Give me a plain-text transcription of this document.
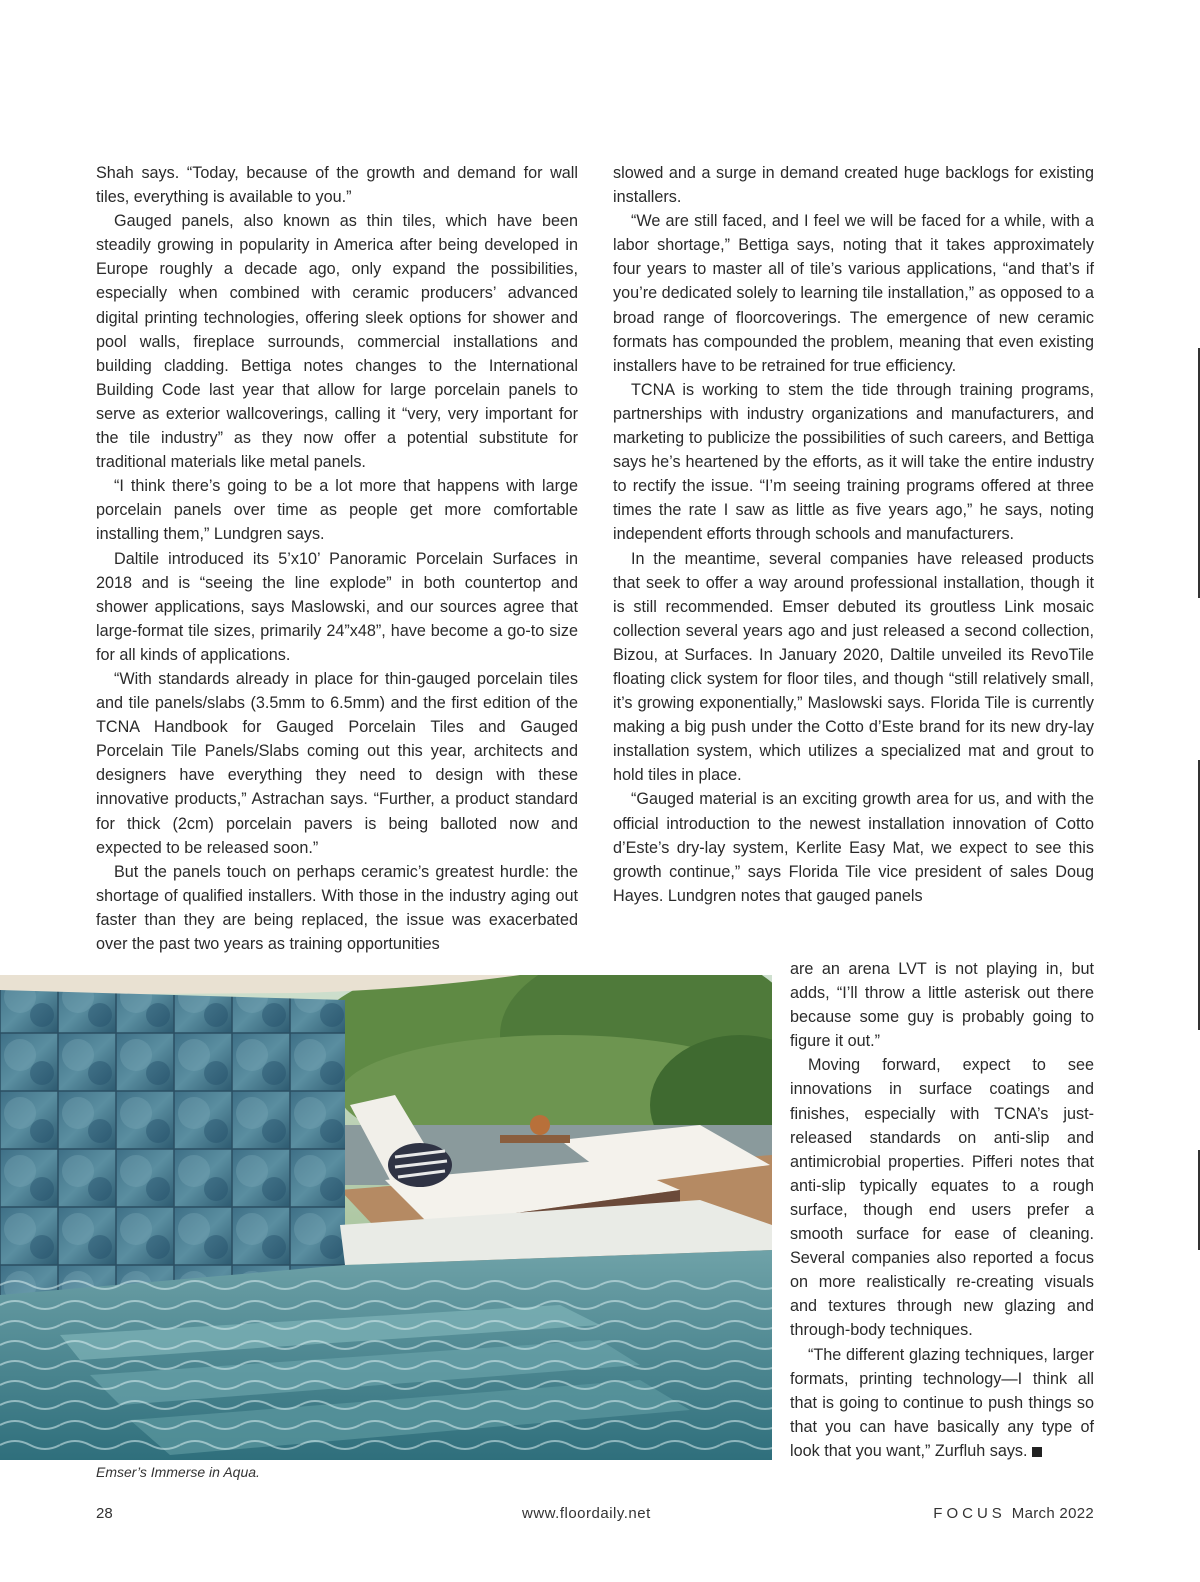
Shah says. “Today, because of the growth and demand for wall tiles, everything is available to you.”

Gauged panels, also known as thin tiles, which have been steadily growing in popularity in America after being developed in Europe roughly a decade ago, only expand the possibilities, especially when combined with ceramic producers’ advanced digital printing technologies, offering sleek options for shower and pool walls, fireplace surrounds, commercial installations and building cladding. Bettiga notes changes to the International Building Code last year that allow for large porcelain panels to serve as exterior wallcoverings, calling it “very, very important for the tile industry” as they now offer a potential substitute for traditional materials like metal panels.

“I think there’s going to be a lot more that happens with large porcelain panels over time as people get more comfortable installing them,” Lundgren says.

Daltile introduced its 5’x10’ Panoramic Porcelain Surfaces in 2018 and is “seeing the line explode” in both countertop and shower applications, says Maslowski, and our sources agree that large-format tile sizes, primarily 24”x48”, have become a go-to size for all kinds of applications.

“With standards already in place for thin-gauged porcelain tiles and tile panels/slabs (3.5mm to 6.5mm) and the first edition of the TCNA Handbook for Gauged Porcelain Tiles and Gauged Porcelain Tile Panels/Slabs coming out this year, architects and designers have everything they need to design with these innovative products,” Astrachan says. “Further, a product standard for thick (2cm) porcelain pavers is being balloted now and expected to be released soon.”

But the panels touch on perhaps ceramic’s greatest hurdle: the shortage of qualified installers. With those in the industry aging out faster than they are being replaced, the issue was exacerbated over the past two years as training opportunities

slowed and a surge in demand created huge backlogs for existing installers.

“We are still faced, and I feel we will be faced for a while, with a labor shortage,” Bettiga says, noting that it takes approximately four years to master all of tile’s various applications, “and that’s if you’re dedicated solely to learning tile installation,” as opposed to a broad range of floorcoverings. The emergence of new ceramic formats has compounded the problem, meaning that even existing installers have to be retrained for true efficiency.

TCNA is working to stem the tide through training programs, partnerships with industry organizations and manufacturers, and marketing to publicize the possibilities of such careers, and Bettiga says he’s heartened by the efforts, as it will take the entire industry to rectify the issue. “I’m seeing training programs offered at three times the rate I saw as little as five years ago,” he says, noting independent efforts through schools and manufacturers.

In the meantime, several companies have released products that seek to offer a way around professional installation, though it is still recommended. Emser debuted its groutless Link mosaic collection several years ago and just released a second collection, Bizou, at Surfaces. In January 2020, Daltile unveiled its RevoTile floating click system for floor tiles, and though “still relatively small, it’s growing exponentially,” Maslowski says. Florida Tile is currently making a big push under the Cotto d’Este brand for its new dry-lay installation system, which utilizes a specialized mat and grout to hold tiles in place.

“Gauged material is an exciting growth area for us, and with the official introduction to the newest installation innovation of Cotto d’Este’s dry-lay system, Kerlite Easy Mat, we expect to see this growth continue,” says Florida Tile vice president of sales Doug Hayes. Lundgren notes that gauged panels

are an arena LVT is not playing in, but adds, “I’ll throw a little asterisk out there because some guy is probably going to figure it out.”

Moving forward, expect to see innovations in surface coatings and finishes, especially with TCNA’s just-released standards on anti-slip and antimicrobial properties. Pifferi notes that anti-slip typically equates to a rough surface, though end users prefer a smooth surface for ease of cleaning. Several companies also reported a focus on more realistically re-creating visuals and textures through new glazing and through-body techniques.

“The different glazing techniques, larger formats, printing technology—I think all that is going to continue to push things so that you can have basically any type of look that you want,” Zurfluh says.

Emser’s Immerse in Aqua.
28	www.floordaily.net	FOCUS March 2022
